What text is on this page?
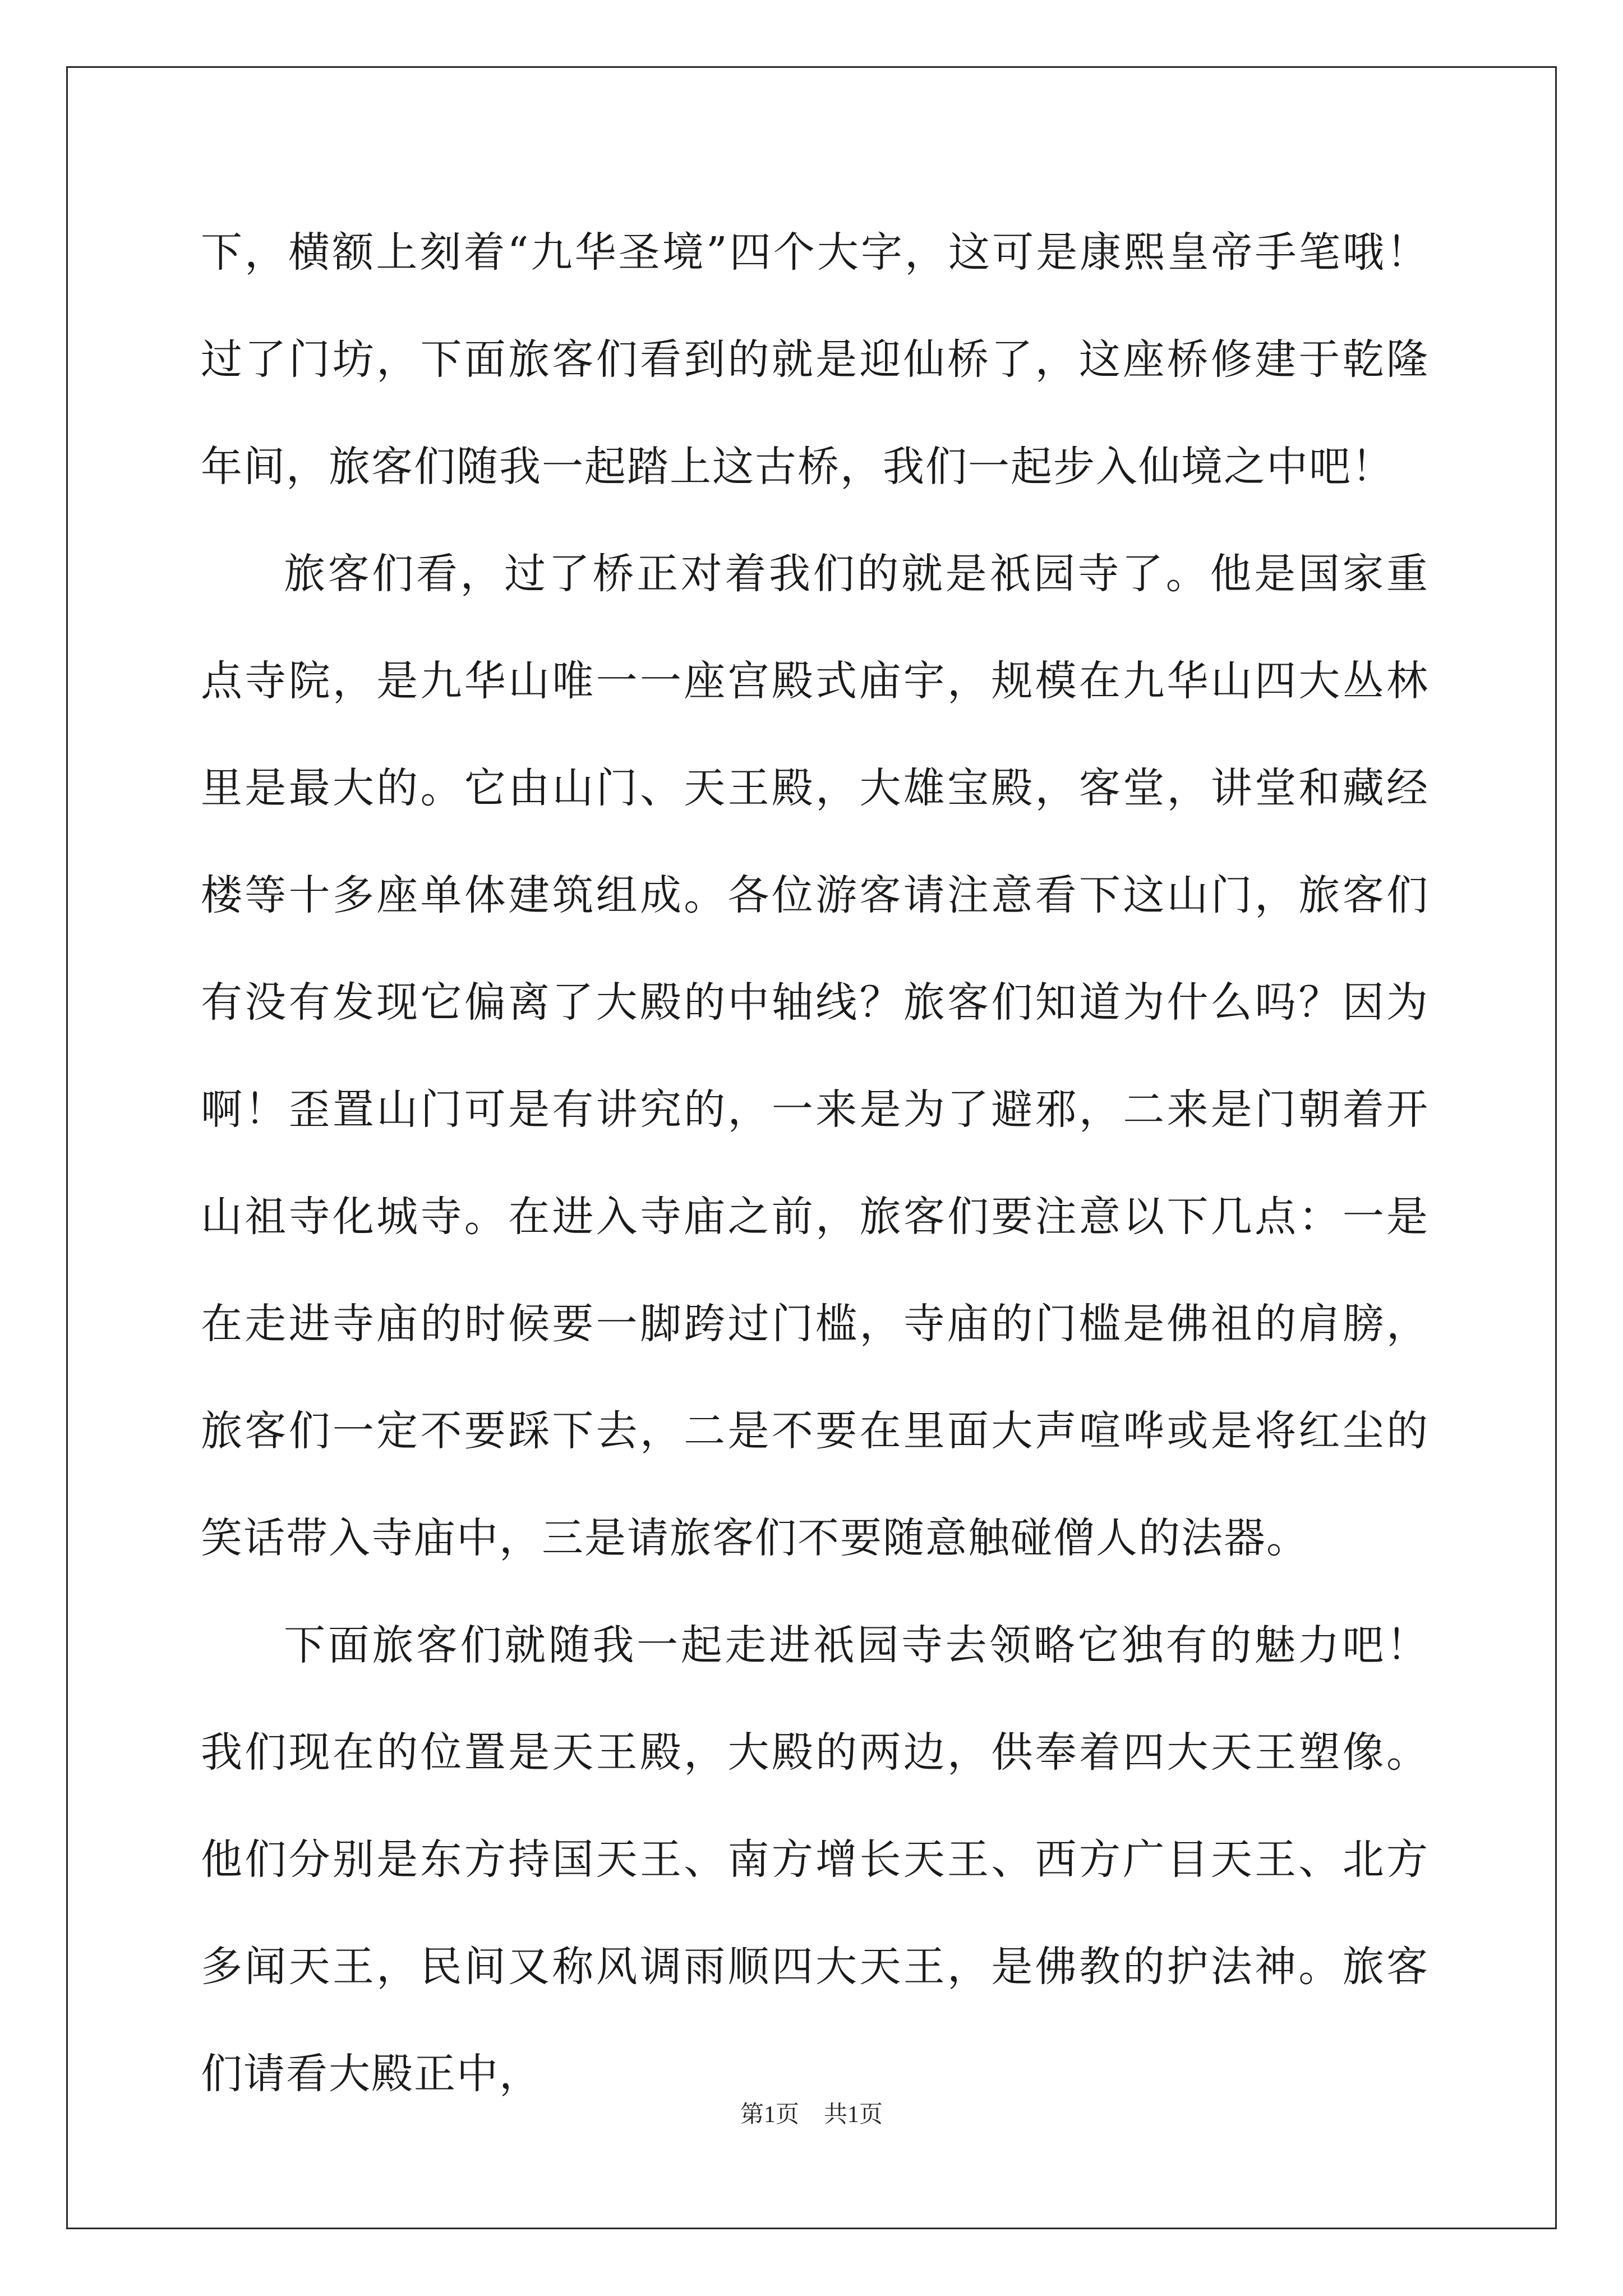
下，横额上刻着“九华圣境”四个大字，这可是康熙皇帝手笔哦！过了门坊，下面旅客们看到的就是迎仙桥了，这座桥修建于乾隆年间，旅客们随我一起踏上这古桥，我们一起步入仙境之中吧！

旅客们看，过了桥正对着我们的就是祇园寺了。他是国家重点寺院，是九华山唯一一座宫殿式庙宇，规模在九华山四大丛林里是最大的。它由山门、天王殿，大雄宝殿，客堂，讲堂和藏经楼等十多座单体建筑组成。各位游客请注意看下这山门，旅客们有没有发现它偏离了大殿的中轴线？旅客们知道为什么吗？因为啊！歪置山门可是有讲究的，一来是为了避邪，二来是门朝着开山祖寺化城寺。在进入寺庙之前，旅客们要注意以下几点：一是在走进寺庙的时候要一脚跨过门槛，寺庙的门槛是佛祖的肩膀，旅客们一定不要踩下去，二是不要在里面大声喧哗或是将红尘的笑话带入寺庙中，三是请旅客们不要随意触碰僧人的法器。

下面旅客们就随我一起走进祇园寺去领略它独有的魅力吧！我们现在的位置是天王殿，大殿的两边，供奉着四大天王塑像。他们分别是东方持国天王、南方增长天王、西方广目天王、北方多闻天王，民间又称风调雨顺四大天王，是佛教的护法神。旅客们请看大殿正中，

第1页 共1页
